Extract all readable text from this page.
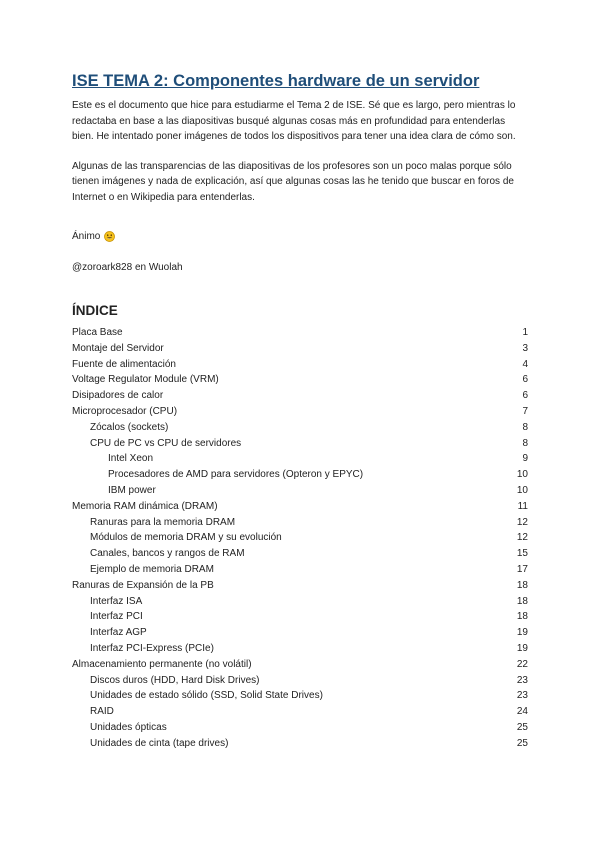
ISE TEMA 2: Componentes hardware de un servidor

Este es el documento que hice para estudiarme el Tema 2 de ISE. Sé que es largo, pero mientras lo redactaba en base a las diapositivas busqué algunas cosas más en profundidad para entenderlas bien. He intentado poner imágenes de todos los dispositivos para tener una idea clara de cómo son.

Algunas de las transparencias de las diapositivas de los profesores son un poco malas porque sólo tienen imágenes y nada de explicación, así que algunas cosas las he tenido que buscar en foros de Internet o en Wikipedia para entenderlas.

Ánimo
@zoroark828 en Wuolah
ÍNDICE
Placa Base	1
Montaje del Servidor	3
Fuente de alimentación	4
Voltage Regulator Module (VRM)	6
Disipadores de calor	6
Microprocesador (CPU)	7
Zócalos (sockets)	8
CPU de PC vs CPU de servidores	8
Intel Xeon	9
Procesadores de AMD para servidores (Opteron y EPYC)	10
IBM power	10
Memoria RAM dinámica (DRAM)	11
Ranuras para la memoria DRAM	12
Módulos de memoria DRAM y su evolución	12
Canales, bancos y rangos de RAM	15
Ejemplo de memoria DRAM	17
Ranuras de Expansión de la PB	18
Interfaz ISA	18
Interfaz PCI	18
Interfaz AGP	19
Interfaz PCI-Express (PCIe)	19
Almacenamiento permanente (no volátil)	22
Discos duros (HDD, Hard Disk Drives)	23
Unidades de estado sólido (SSD, Solid State Drives)	23
RAID	24
Unidades ópticas	25
Unidades de cinta (tape drives)	25
